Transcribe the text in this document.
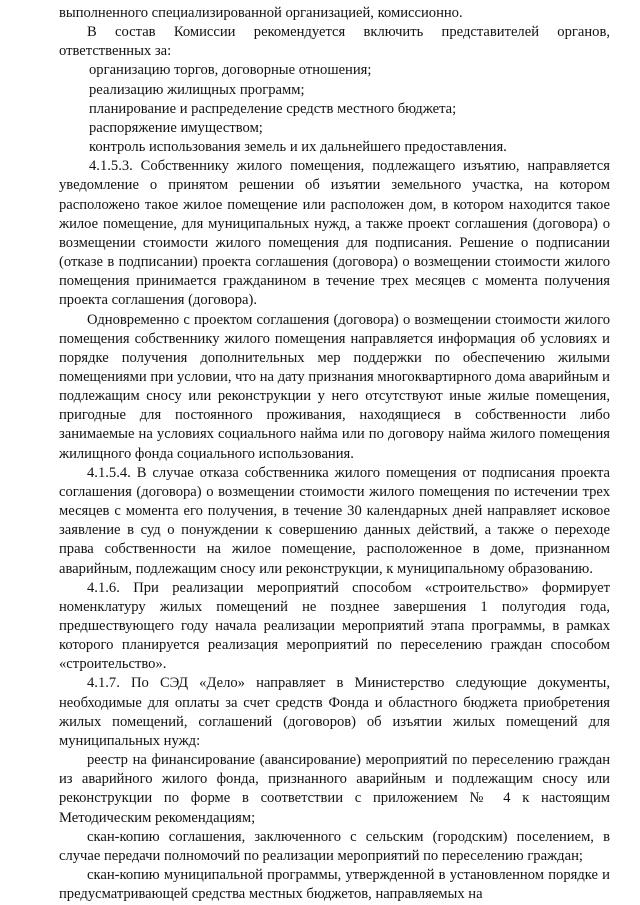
выполненного специализированной организацией, комиссионно.

В состав Комиссии рекомендуется включить представителей органов, ответственных за:

организацию торгов, договорные отношения;

реализацию жилищных программ;

планирование и распределение средств местного бюджета;

распоряжение имуществом;

контроль использования земель и их дальнейшего предоставления.

4.1.5.3. Собственнику жилого помещения, подлежащего изъятию, направляется уведомление о принятом решении об изъятии земельного участка, на котором расположено такое жилое помещение или расположен дом, в котором находится такое жилое помещение, для муниципальных нужд, а также проект соглашения (договора) о возмещении стоимости жилого помещения для подписания. Решение о подписании (отказе в подписании) проекта соглашения (договора) о возмещении стоимости жилого помещения принимается гражданином в течение трех месяцев с момента получения проекта соглашения (договора).

Одновременно с проектом соглашения (договора) о возмещении стоимости жилого помещения собственнику жилого помещения направляется информация об условиях и порядке получения дополнительных мер поддержки по обеспечению жилыми помещениями при условии, что на дату признания многоквартирного дома аварийным и подлежащим сносу или реконструкции у него отсутствуют иные жилые помещения, пригодные для постоянного проживания, находящиеся в собственности либо занимаемые на условиях социального найма или по договору найма жилого помещения жилищного фонда социального использования.

4.1.5.4. В случае отказа собственника жилого помещения от подписания проекта соглашения (договора) о возмещении стоимости жилого помещения по истечении трех месяцев с момента его получения, в течение 30 календарных дней направляет исковое заявление в суд о понуждении к совершению данных действий, а также о переходе права собственности на жилое помещение, расположенное в доме, признанном аварийным, подлежащим сносу или реконструкции, к муниципальному образованию.

4.1.6. При реализации мероприятий способом «строительство» формирует номенклатуру жилых помещений не позднее завершения 1 полугодия года, предшествующего году начала реализации мероприятий этапа программы, в рамках которого планируется реализация мероприятий по переселению граждан способом «строительство».

4.1.7. По СЭД «Дело» направляет в Министерство следующие документы, необходимые для оплаты за счет средств Фонда и областного бюджета приобретения жилых помещений, соглашений (договоров) об изъятии жилых помещений для муниципальных нужд:

реестр на финансирование (авансирование) мероприятий по переселению граждан из аварийного жилого фонда, признанного аварийным и подлежащим сносу или реконструкции по форме в соответствии с приложением № 4 к настоящим Методическим рекомендациям;

скан-копию соглашения, заключенного с сельским (городским) поселением, в случае передачи полномочий по реализации мероприятий по переселению граждан;

скан-копию муниципальной программы, утвержденной в установленном порядке и предусматривающей средства местных бюджетов, направляемых на
